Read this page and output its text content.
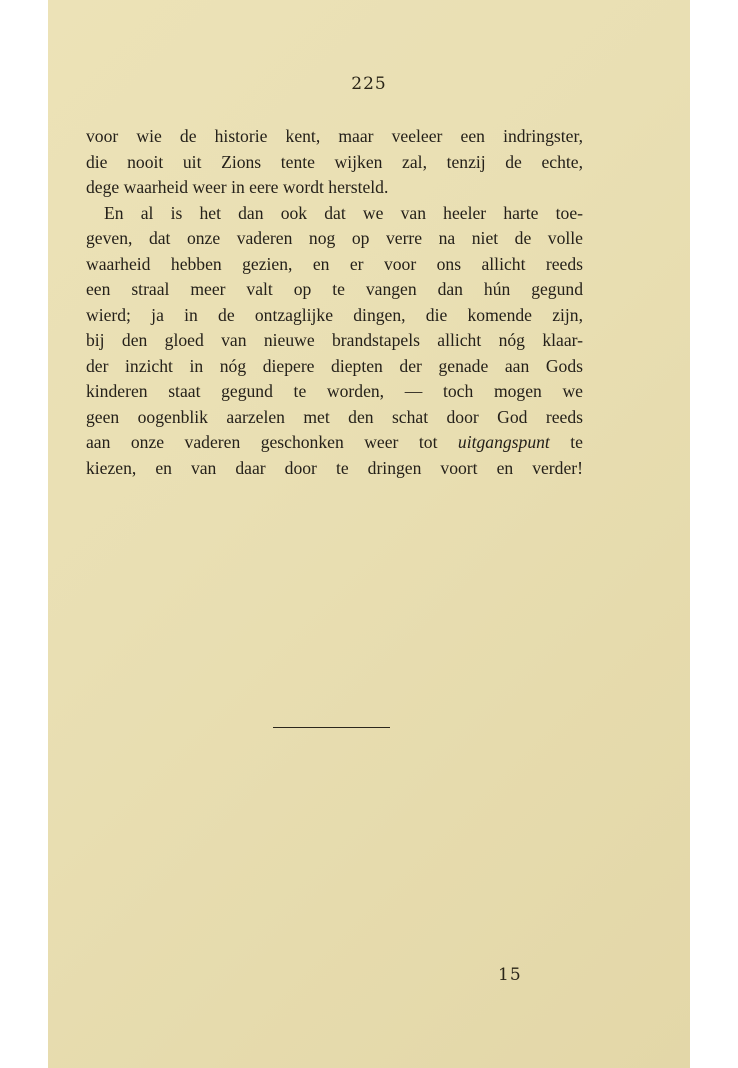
225
voor wie de historie kent, maar veeleer een indringster,
die nooit uit Zions tente wijken zal, tenzij de echte,
dege waarheid weer in eere wordt hersteld.
En al is het dan ook dat we van heeler harte toe-
geven, dat onze vaderen nog op verre na niet de volle
waarheid hebben gezien, en er voor ons allicht reeds
een straal meer valt op te vangen dan hún gegund
wierd; ja in de ontzaglijke dingen, die komende zijn,
bij den gloed van nieuwe brandstapels allicht nóg klaar-
der inzicht in nóg diepere diepten der genade aan Gods
kinderen staat gegund te worden, — toch mogen we
geen oogenblik aarzelen met den schat door God reeds
aan onze vaderen geschonken weer tot uitgangspunt te
kiezen, en van daar door te dringen voort en verder!
15
